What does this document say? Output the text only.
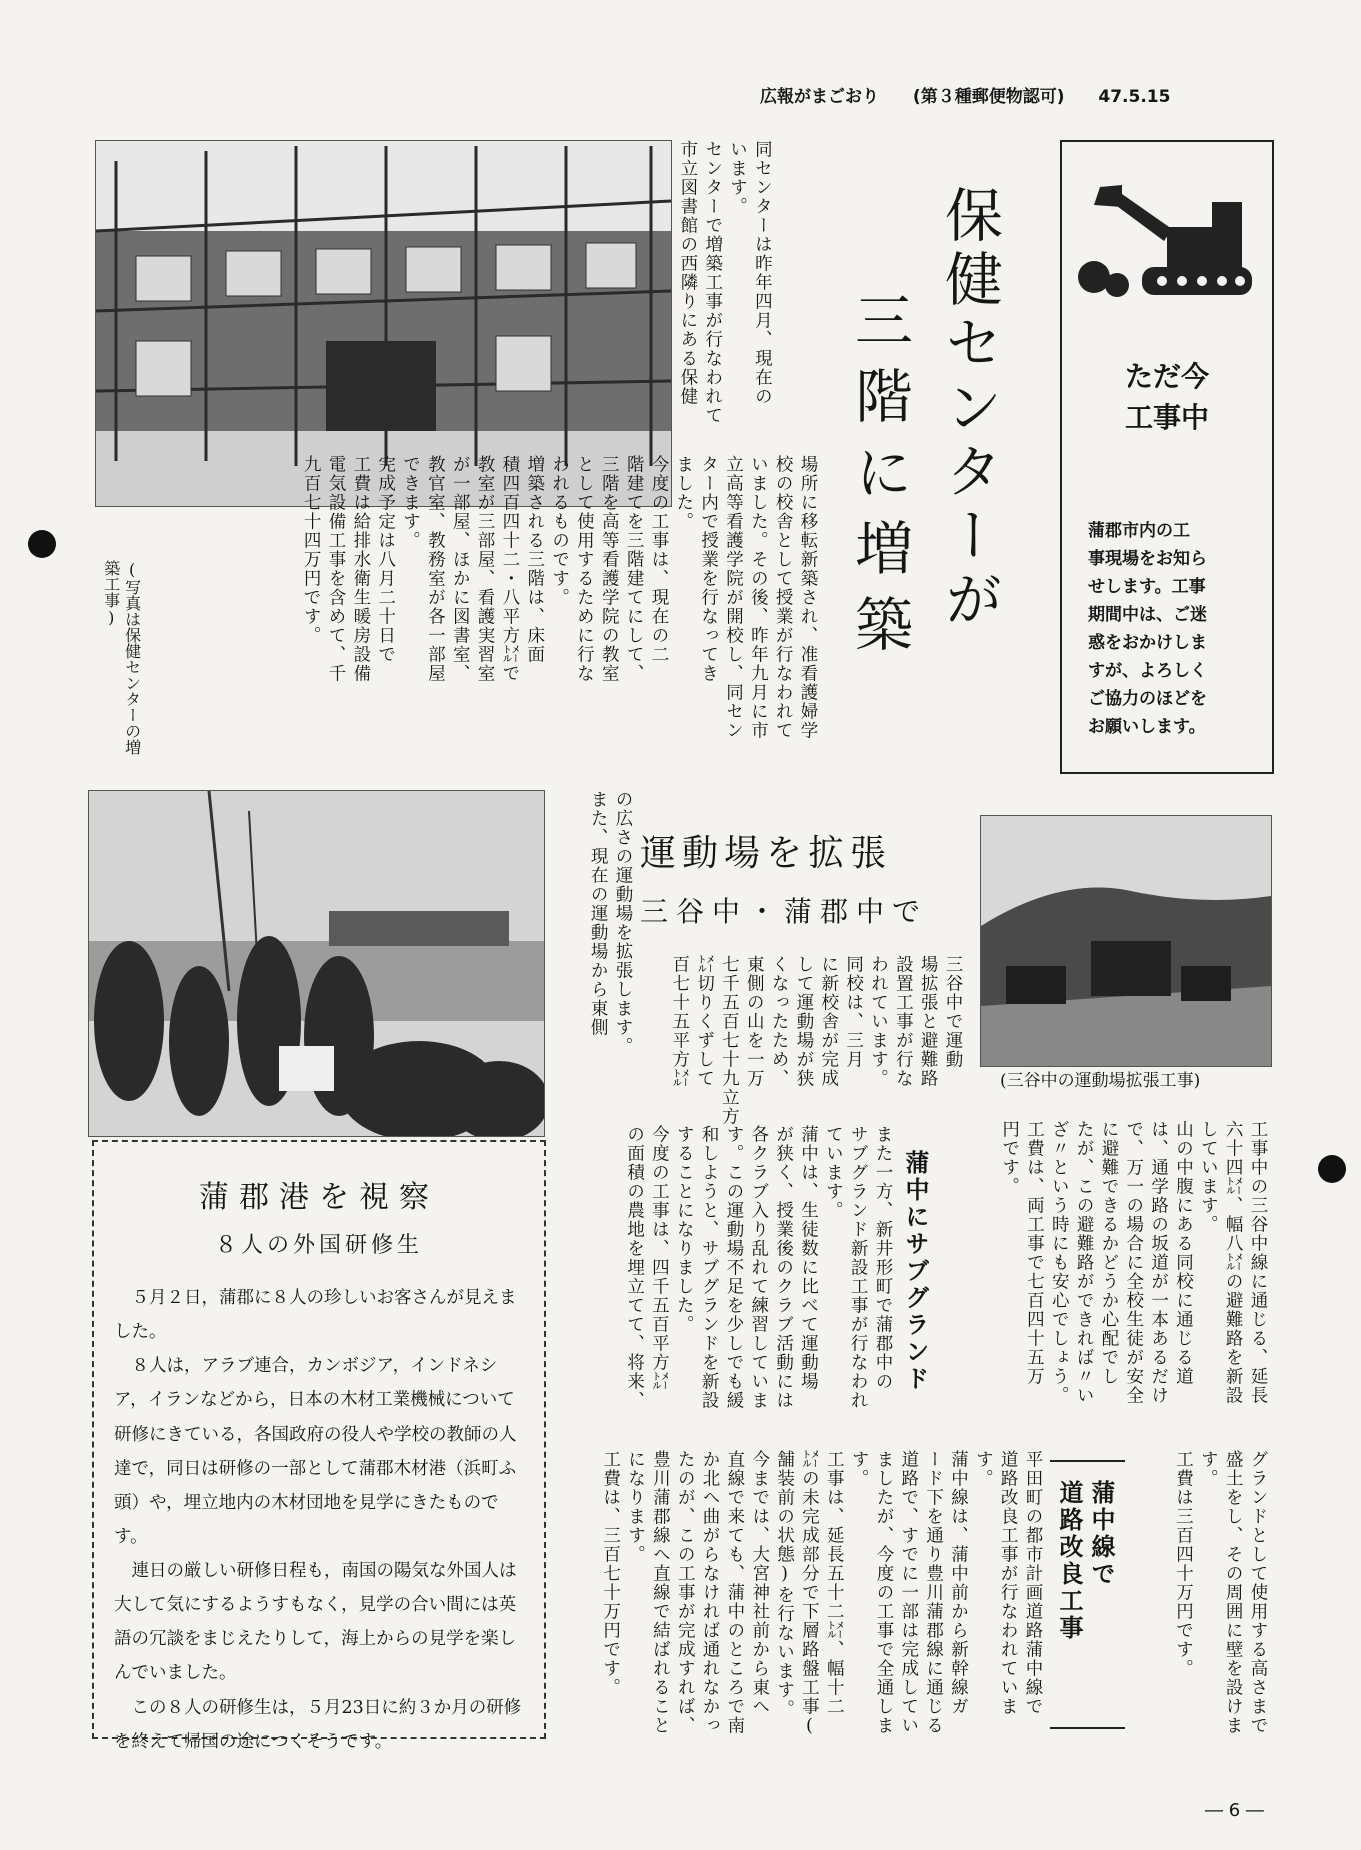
広報がまごおり (第３種郵便物認可) 47.5.15
(写真は保健センターの増築工事)	保健センターが
三階に増築
同センターは昨年四月、現在の
います。
センターで増築工事が行なわれて
市立図書館の西隣りにある保健
場所に移転新築され、准看護婦学
校の校舎として授業が行なわれて
いました。その後、昨年九月に市
立高等看護学院が開校し、同セン
ター内で授業を行なってき
ました。
今度の工事は、現在の二
階建てを三階建てにして、
三階を高等看護学院の教室
として使用するために行な
われるものです。
増築される三階は、床面
積四百四十二・八平方㍍で
教室が三部屋、看護実習室
が一部屋、ほかに図書室、
教官室、教務室が各一部屋
できます。
完成予定は八月二十日で
工費は給排水衛生暖房設備
電気設備工事を含めて、千
九百七十四万円です。
ただ今
工事中
蒲郡市内の工
事現場をお知ら
せします。工事
期間中は、ご迷
惑をおかけしま
すが、よろしく
ご協力のほどを
お願いします。
運動場を拡張
三谷中・蒲郡中で
三谷中で運動
場拡張と避難路
設置工事が行な
われています。
同校は、三月
に新校舎が完成
して運動場が狭
くなったため、
東側の山を一万
七千五百七十九立方
㍍切りくずして
百七十五平方㍍
の広さの運動場を拡張します。
また、現在の運動場から東側
(三谷中の運動場拡張工事)
工事中の三谷中線に通じる、延長
六十四㍍、幅八㍍の避難路を新設
しています。
山の中腹にある同校に通じる道
は、通学路の坂道が一本あるだけ
で、万一の場合に全校生徒が安全
に避難できるかどうか心配でし
たが、この避難路ができれば〃い
ざ〃という時にも安心でしょう。
工費は、両工事で七百四十五万
円です。
蒲中にサブグランド
また一方、新井形町で蒲郡中の
サブグランド新設工事が行なわれ
ています。
蒲中は、生徒数に比べて運動場
が狭く、授業後のクラブ活動には
各クラブ入り乱れて練習していま
す。この運動場不足を少しでも緩
和しようと、サブグランドを新設
することになりました。
今度の工事は、四千五百平方㍍
の面積の農地を埋立てて、将来、
グランドとして使用する高さまで
盛土をし、その周囲に壁を設けま
す。
工費は三百四十万円です。
蒲中線で
道路改良工事
平田町の都市計画道路蒲中線で
道路改良工事が行なわれています。
蒲中線は、蒲中前から新幹線ガ
ード下を通り豊川蒲郡線に通じる
道路で、すでに一部は完成してい
ましたが、今度の工事で全通しま
す。
工事は、延長五十二㍍、幅十二
㍍の未完成部分で下層路盤工事(
舗装前の状態)を行ないます。
今までは、大宮神社前から東へ
直線で来ても、蒲中のところで南
か北へ曲がらなければ通れなかっ
たのが、この工事が完成すれば、
豊川蒲郡線へ直線で結ばれること
になります。
工費は、三百七十万円です。
蒲郡港を視察
８人の外国研修生

５月２日，蒲郡に８人の珍しいお客さんが見えました。

８人は，アラブ連合，カンボジア，インドネシア，イランなどから，日本の木材工業機械について研修にきている，各国政府の役人や学校の教師の人達で，同日は研修の一部として蒲郡木材港（浜町ふ頭）や，埋立地内の木材団地を見学にきたものです。

連日の厳しい研修日程も，南国の陽気な外国人は大して気にするようすもなく，見学の合い間には英語の冗談をまじえたりして，海上からの見学を楽しんでいました。

この８人の研修生は，５月23日に約３か月の研修を終えて帰国の途につくそうです。

― 6 ―
